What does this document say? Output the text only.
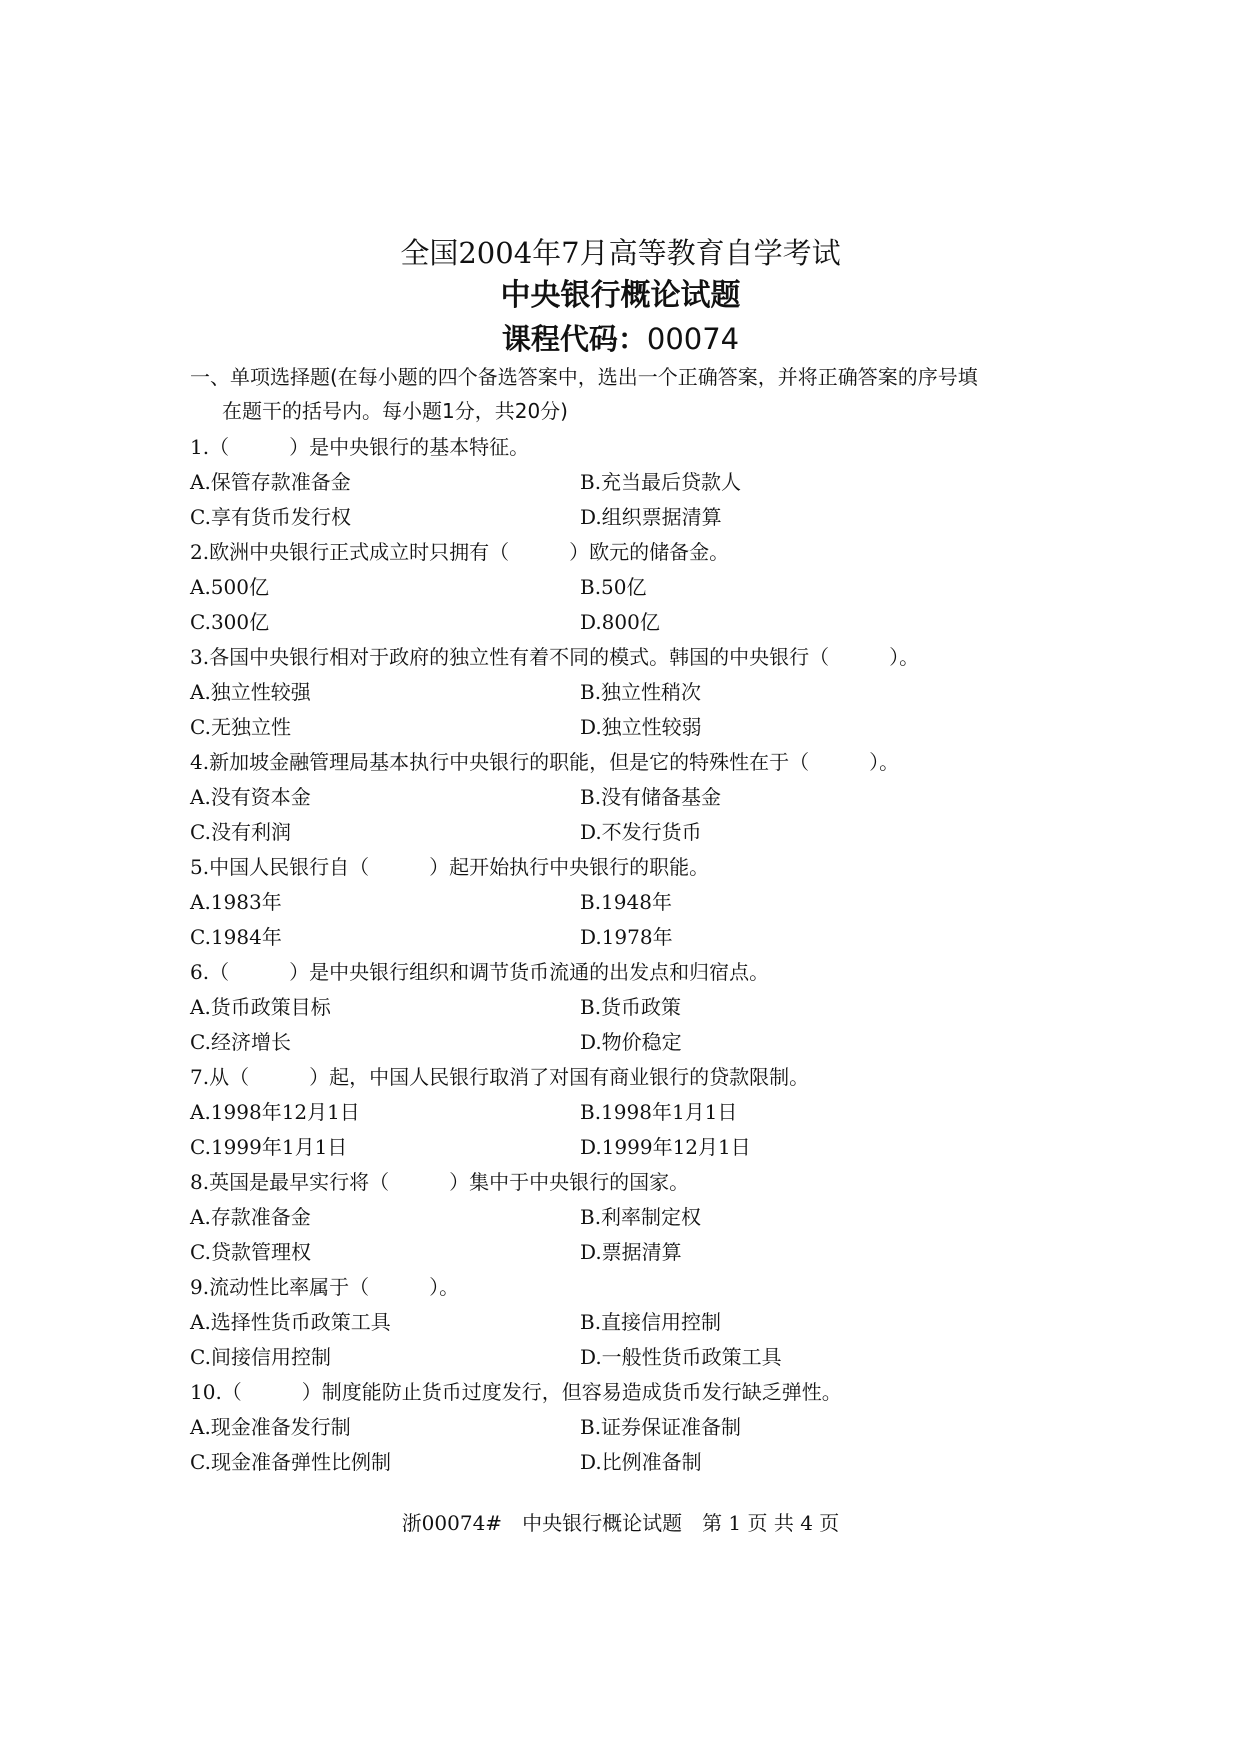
全国2004年7月高等教育自学考试
中央银行概论试题
课程代码：00074
一、单项选择题(在每小题的四个备选答案中，选出一个正确答案，并将正确答案的序号填
在题干的括号内。每小题1分，共20分)
1.（　　　）是中央银行的基本特征。
A.保管存款准备金	B.充当最后贷款人
C.享有货币发行权	D.组织票据清算
2.欧洲中央银行正式成立时只拥有（　　　）欧元的储备金。
A.500亿	B.50亿
C.300亿	D.800亿
3.各国中央银行相对于政府的独立性有着不同的模式。韩国的中央银行（　　　）。
A.独立性较强	B.独立性稍次
C.无独立性	D.独立性较弱
4.新加坡金融管理局基本执行中央银行的职能，但是它的特殊性在于（　　　）。
A.没有资本金	B.没有储备基金
C.没有利润	D.不发行货币
5.中国人民银行自（　　　）起开始执行中央银行的职能。
A.1983年	B.1948年
C.1984年	D.1978年
6.（　　　）是中央银行组织和调节货币流通的出发点和归宿点。
A.货币政策目标	B.货币政策
C.经济增长	D.物价稳定
7.从（　　　）起，中国人民银行取消了对国有商业银行的贷款限制。
A.1998年12月1日	B.1998年1月1日
C.1999年1月1日	D.1999年12月1日
8.英国是最早实行将（　　　）集中于中央银行的国家。
A.存款准备金	B.利率制定权
C.贷款管理权	D.票据清算
9.流动性比率属于（　　　）。
A.选择性货币政策工具	B.直接信用控制
C.间接信用控制	D.一般性货币政策工具
10.（　　　）制度能防止货币过度发行，但容易造成货币发行缺乏弹性。
A.现金准备发行制	B.证券保证准备制
C.现金准备弹性比例制	D.比例准备制
浙00074#　中央银行概论试题　第 1 页 共 4 页
